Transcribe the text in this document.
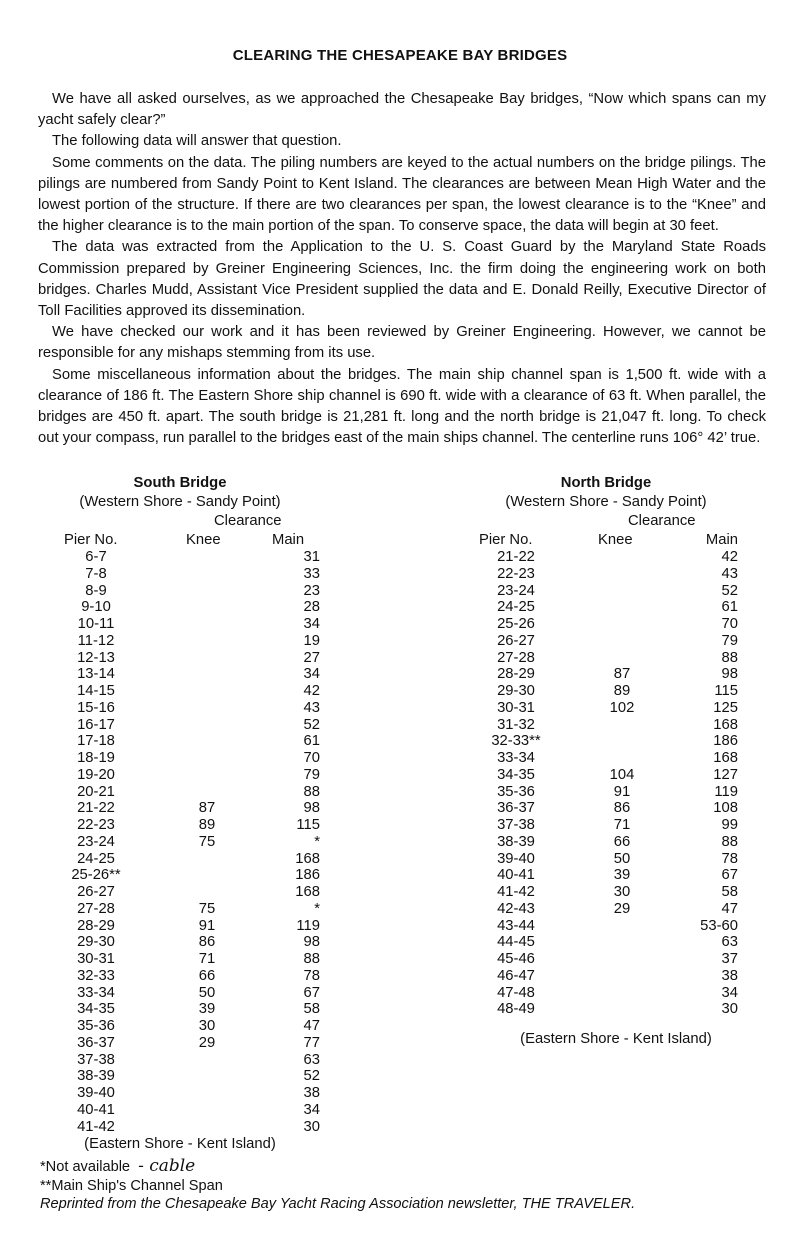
CLEARING THE CHESAPEAKE BAY BRIDGES

We have all asked ourselves, as we approached the Chesapeake Bay bridges, “Now which spans can my yacht safely clear?”

The following data will answer that question.

Some comments on the data. The piling numbers are keyed to the actual numbers on the bridge pilings. The pilings are numbered from Sandy Point to Kent Island. The clearances are between Mean High Water and the lowest portion of the structure. If there are two clearances per span, the lowest clearance is to the “Knee” and the higher clearance is to the main portion of the span. To conserve space, the data will begin at 30 feet.

The data was extracted from the Application to the U. S. Coast Guard by the Maryland State Roads Commission prepared by Greiner Engineering Sciences, Inc. the firm doing the engineering work on both bridges. Charles Mudd, Assistant Vice President supplied the data and E. Donald Reilly, Executive Director of Toll Facilities approved its dissemination.

We have checked our work and it has been reviewed by Greiner Engineering. However, we cannot be responsible for any mishaps stemming from its use.

Some miscellaneous information about the bridges. The main ship channel span is 1,500 ft. wide with a clearance of 186 ft. The Eastern Shore ship channel is 690 ft. wide with a clearance of 63 ft. When parallel, the bridges are 450 ft. apart. The south bridge is 21,281 ft. long and the north bridge is 21,047 ft. long. To check out your compass, run parallel to the bridges east of the main ships channel. The centerline runs 106° 42’ true.

South Bridge
(Western Shore - Sandy Point)
Clearance
Pier No.	Knee	Main
6-7		31
7-8		33
8-9		23
9-10		28
10-11		34
11-12		19
12-13		27
13-14		34
14-15		42
15-16		43
16-17		52
17-18		61
18-19		70
19-20		79
20-21		88
21-22	87	98
22-23	89	115
23-24	75	*
24-25		168
25-26**		186
26-27		168
27-28	75	*
28-29	91	119
29-30	86	98
30-31	71	88
32-33	66	78
33-34	50	67
34-35	39	58
35-36	30	47
36-37	29	77
37-38		63
38-39		52
39-40		38
40-41		34
41-42		30
(Eastern Shore - Kent Island)
North Bridge
(Western Shore - Sandy Point)
Clearance
Pier No.	Knee	Main
21-22		42
22-23		43
23-24		52
24-25		61
25-26		70
26-27		79
27-28		88
28-29	87	98
29-30	89	115
30-31	102	125
31-32		168
32-33**		186
33-34		168
34-35	104	127
35-36	91	119
36-37	86	108
37-38	71	99
38-39	66	88
39-40	50	78
40-41	39	67
41-42	30	58
42-43	29	47
43-44		53-60
44-45		63
45-46		37
46-47		38
47-48		34
48-49		30
(Eastern Shore - Kent Island)
*Not available - cable
**Main Ship's Channel Span
Reprinted from the Chesapeake Bay Yacht Racing Association newsletter, THE TRAVELER.
